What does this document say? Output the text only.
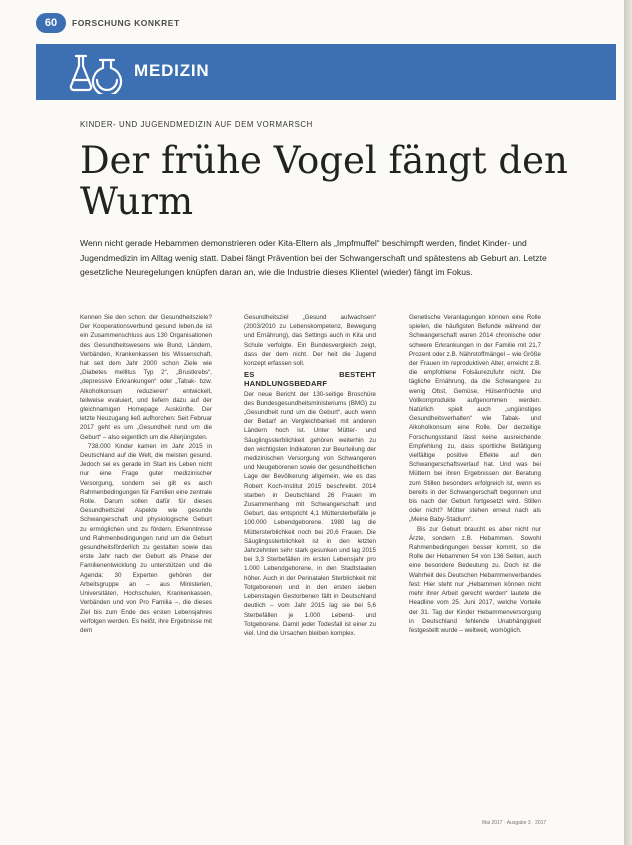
60	FORSCHUNG KONKRET
MEDIZIN
KINDER- UND JUGENDMEDIZIN AUF DEM VORMARSCH
Der frühe Vogel fängt den Wurm

Wenn nicht gerade Hebammen demonstrieren oder Kita-Eltern als „Impfmuffel“ beschimpft werden, findet Kinder- und Jugendmedizin im Alltag wenig statt. Dabei fängt Prävention bei der Schwangerschaft und spätestens ab Geburt an. Letzte gesetzliche Neuregelungen knüpfen daran an, wie die Industrie dieses Klientel (wieder) fängt im Fokus.

Kennen Sie den schon: der Gesundheitsziele? Der Kooperationsverbund gesund leben.de ist ein Zusammenschluss aus 130 Organisationen des Gesundheitswesens wie Bund, Ländern, Verbänden, Krankenkassen bis Wissenschaft, hat seit dem Jahr 2000 schon Ziele wie „Diabetes mellitus Typ 2“, „Brustkrebs“, „depressive Erkrankungen“ oder „Tabak- bzw. Alkoholkonsum reduzieren“ entwickelt, teilweise evaluiert, und liefern dazu auf der gleichnamigen Homepage Auskünfte. Der letzte Neuzugang ließ aufhorchen: Seit Februar 2017 geht es um „Gesundheit rund um die Geburt“ – also eigentlich um die Allerjüngsten.

738.000 Kinder kamen im Jahr 2015 in Deutschland auf die Welt, die meisten gesund. Jedoch sei es gerade im Start ins Leben nicht nur eine Frage guter medizinischer Versorgung, sondern sei gilt es auch Rahmenbedingungen für Familien eine zentrale Rolle. Darum sollen dafür für dieses Gesundheitsziel Aspekte wie gesunde Schwangerschaft und physiologische Geburt zu ermöglichen und zu fördern. Erkenntnisse und Rahmenbedingungen rund um die Geburt gesundheitsförderlich zu gestalten sowie das erste Jahr nach der Geburt als Phase der Familienentwicklung zu unterstützen und die Agenda: 30 Experten gehören der Arbeitsgruppe an – aus Ministerien, Universitäten, Hochschulen, Krankenkassen, Verbänden und von Pro Familia –, die dieses Ziel bis zum Ende des ersten Lebensjahres verfolgen werden. Es heißt, ihre Ergebnisse mit dem

Gesundheitsziel „Gesund aufwachsen“ (2003/2010 zu Lebenskompetenz, Bewegung und Ernährung), das Settings auch in Kita und Schule verfolgte. Ein Bundesvergleich zeigt, dass der dem nicht. Der heit die Jugend konzept erfassen soll.

ES BESTEHT HANDLUNGSBEDARF

Der neue Bericht der 130-seitige Broschüre des Bundesgesundheitsministeriums (BMG) zu „Gesundheit rund um die Geburt“, auch wenn der Bedarf an Vergleichbarkeit mit anderen Ländern hoch ist. Unter Mütter- und Säuglingssterblichkeit gehören weiterhin zu den wichtigsten Indikatoren zur Beurteilung der medizinischen Versorgung von Schwangeren und Neugeborenen sowie der gesundheitlichen Lage der Bevölkerung allgemein, wie es das Robert Koch-Institut 2015 beschreibt. 2014 starben in Deutschland 26 Frauen im Zusammenhang mit Schwangerschaft und Geburt, das entspricht 4,1 Müttersterbefälle je 100.000 Lebendgeborene. 1980 lag die Müttersterblichkeit noch bei 20,6 Frauen. Die Säuglingssterblichkeit ist in den letzten Jahrzehnten sehr stark gesunken und lag 2015 bei 3,3 Sterbefällen im ersten Lebensjahr pro 1.000 Lebendgeborene, in den Stadtstaaten höher. Auch in der Perinatalen Sterblichkeit mit Totgeborenen und in den ersten sieben Lebenstagen Gestorbenen fällt in Deutschland deutlich – vom Jahr 2015 lag sie bei 5,6 Sterbefällen je 1.000 Lebend- und Totgeborene. Damit jeder Todesfall ist einer zu viel. Und die Ursachen bleiben komplex.

Genetische Veranlagungen können eine Rolle spielen, die häufigsten Befunde während der Schwangerschaft waren 2014 chronische oder schwere Erkrankungen in der Familie mit 21,7 Prozent oder z.B. Nährstoffmängel – wie Größe der Frauen im reproduktiven Alter, erreicht z.B. die empfohlene Folsäurezufuhr nicht. Die tägliche Ernährung, da die Schwangere zu wenig Obst, Gemüse, Hülsenfrüchte und Vollkornprodukte aufgenommen werden. Natürlich spielt auch „ungünstiges Gesundheitsverhalten“ wie Tabak- und Alkoholkonsum eine Rolle. Der derzeitige Forschungsstand lässt keine ausreichende Empfehlung zu, dass sportliche Betätigung vielfältige positive Effekte auf den Schwangerschaftsverlauf hat. Und was bei Müttern bei ihren Ergebnissen der Beratung zum Stillen besonders erfolgreich ist, wenn es bereits in der Schwangerschaft begonnen und bis nach der Geburt fortgesetzt wird. Stillen oder nicht? Mütter stehen erneut nach als „Meine Baby-Stadium“.

Bis zur Geburt braucht es aber nicht nur Ärzte, sondern z.B. Hebammen. Sowohl Rahmenbedingungen besser kommt, so die Rolle der Hebammen 54 von 136 Seiten, auch eine besondere Bedeutung zu. Doch ist die Wahrheit des Deutschen Hebammenverbandes fest: Hier steht nur „Hebammen können nicht mehr ihrer Arbeit gerecht werden“ lautete die Headline vom 25. Juni 2017, welche Vorteile der 31. Tag der Kinder Hebammenversorgung in Deutschland fehlende Unabhängigkeit festgestellt wurde – weltweit, womöglich.

Mai 2017 · Ausgabe 3 · 2017
